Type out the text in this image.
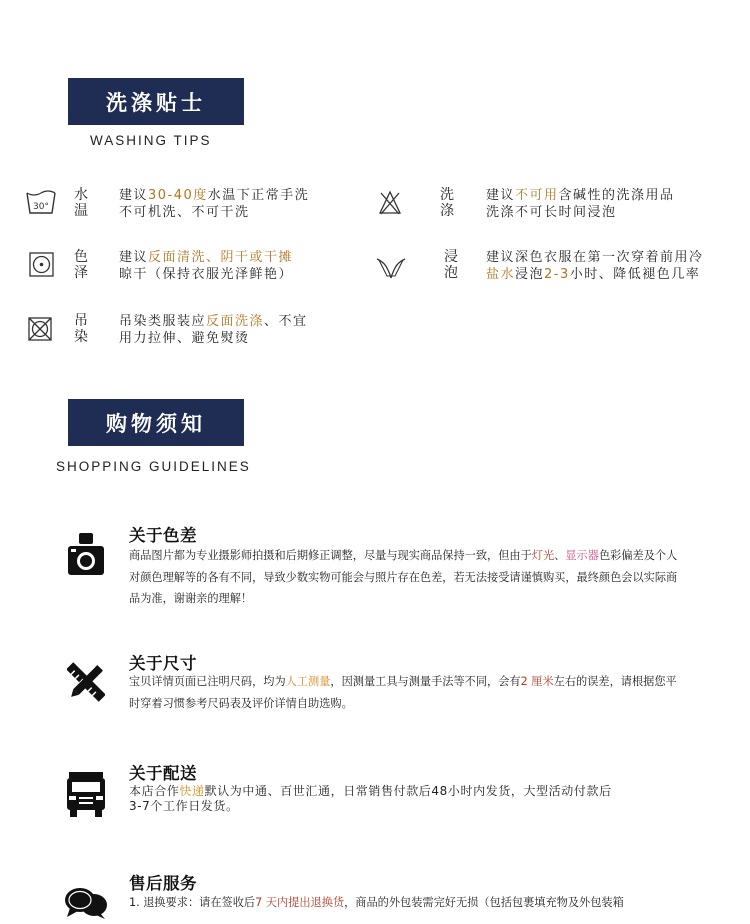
洗涤贴士
WASHING TIPS
30°
水温
建议30-40度水温下正常手洗
不可机洗、不可干洗
洗涤
建议不可用含碱性的洗涤用品
洗涤不可长时间浸泡
色泽
建议反面清洗、阴干或干摊
晾干（保持衣服光泽鲜艳）
浸泡
建议深色衣服在第一次穿着前用冷
盐水浸泡2-3小时、降低褪色几率
吊染
吊染类服装应反面洗涤、不宜
用力拉伸、避免熨烫
购物须知
SHOPPING GUIDELINES
关于色差
商品图片都为专业摄影师拍摄和后期修正调整，尽量与现实商品保持一致，但由于灯光、显示器色彩偏差及个人对颜色理解等的各有不同，导致少数实物可能会与照片存在色差，若无法接受请谨慎购买，最终颜色会以实际商品为准，谢谢亲的理解！
关于尺寸
宝贝详情页面已注明尺码，均为人工测量，因测量工具与测量手法等不同，会有2 厘米左右的误差，请根据您平时穿着习惯参考尺码表及评价详情自助选购。
关于配送
本店合作快递默认为中通、百世汇通，日常销售付款后48小时内发货，大型活动付款后
3-7个工作日发货。
售后服务
1. 退换要求：请在签收后7 天内提出退换货，商品的外包装需完好无损（包括包裹填充物及外包装箱
